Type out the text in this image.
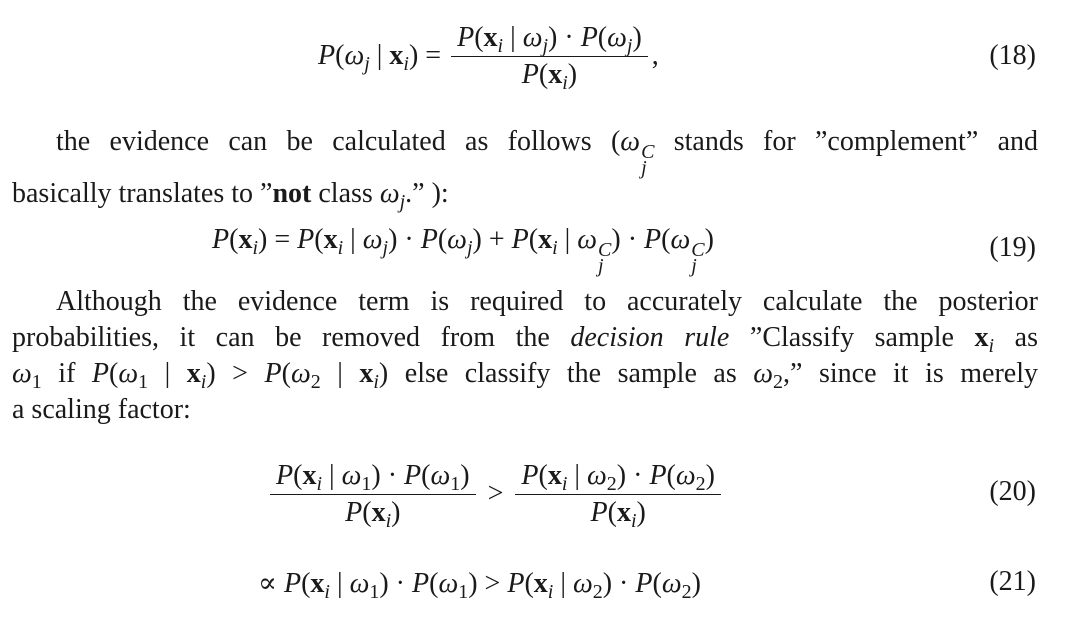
$P(\omega_j$ | $x_i) = \frac{P(x_i | \omega_j) \cdot P(\omega_j)}{P(x_i)}$ ,	(18)
the evidence can be calculated as follows (ω C
j
stands for ”complement” and
basically translates to ”not class $\omega_j$.” ):
$P(x_i) = P(x_i$ | $\omega_j) \cdot P(\omega_j) + P(x_i$ | ω C
j
) · P(ω C
j
)	(19)
Although the evidence term is required to accurately calculate the posterior
probabilities, it can be removed from the decision rule ”Classify sample $x_i$ as
$\omega_1$ if $P(\omega_1$ | $x_i) > P(\omega_2$ | $x_i$) else classify the sample as $\omega_2$,” since it is merely
a scaling factor:
$\frac{P(x_i | \omega_1) \cdot P(\omega_1)}{P(x_i)} > \frac{P(x_i | \omega_2) \cdot P(\omega_2)}{P(x_i)}$	(20)
∝ $P(x_i$ | $\omega_1) \cdot P(\omega_1) > P(x_i$ | $\omega_2) \cdot P(\omega_2)$	(21)
